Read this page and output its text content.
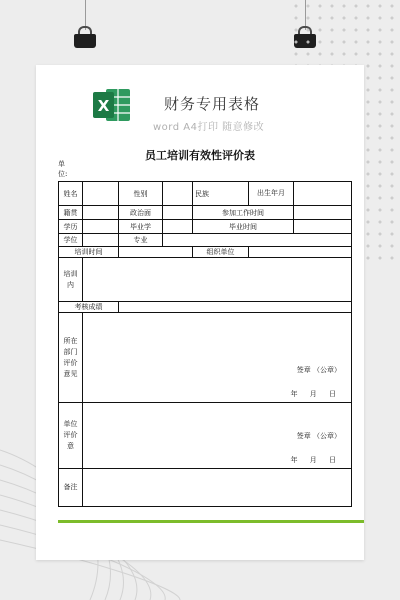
X	财务专用表格
word A4打印 随意修改
员工培训有效性评价表
单位:
姓名		性别		民族	出生年月	
籍贯		政治面		参加工作时间		
学历		毕业学		毕业时间		
学位		专业				
培训时间				组织单位		
培训内						
考核成绩						
所在部门评价意见	签章 （公章）
年 月 日					

单位评价意	签章 （公章）
年 月 日					

备注						
